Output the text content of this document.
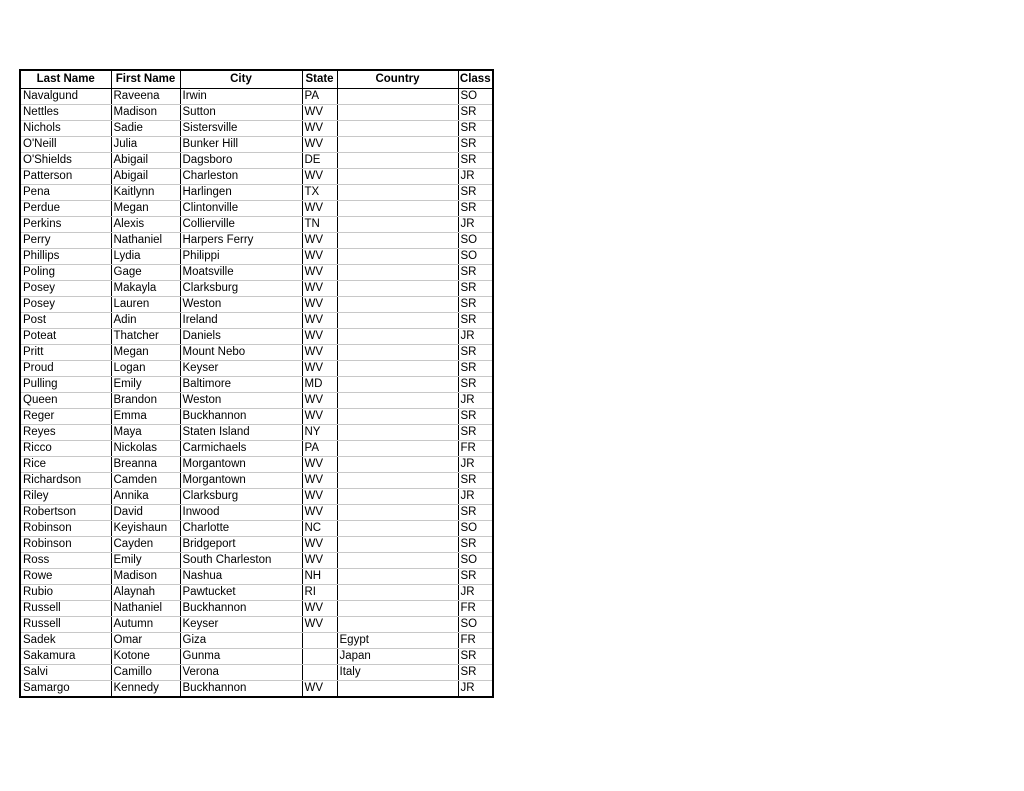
Last Name	First Name	City	State	Country	Class
Navalgund	Raveena	Irwin	PA		SO
Nettles	Madison	Sutton	WV		SR
Nichols	Sadie	Sistersville	WV		SR
O'Neill	Julia	Bunker Hill	WV		SR
O'Shields	Abigail	Dagsboro	DE		SR
Patterson	Abigail	Charleston	WV		JR
Pena	Kaitlynn	Harlingen	TX		SR
Perdue	Megan	Clintonville	WV		SR
Perkins	Alexis	Collierville	TN		JR
Perry	Nathaniel	Harpers Ferry	WV		SO
Phillips	Lydia	Philippi	WV		SO
Poling	Gage	Moatsville	WV		SR
Posey	Makayla	Clarksburg	WV		SR
Posey	Lauren	Weston	WV		SR
Post	Adin	Ireland	WV		SR
Poteat	Thatcher	Daniels	WV		JR
Pritt	Megan	Mount Nebo	WV		SR
Proud	Logan	Keyser	WV		SR
Pulling	Emily	Baltimore	MD		SR
Queen	Brandon	Weston	WV		JR
Reger	Emma	Buckhannon	WV		SR
Reyes	Maya	Staten Island	NY		SR
Ricco	Nickolas	Carmichaels	PA		FR
Rice	Breanna	Morgantown	WV		JR
Richardson	Camden	Morgantown	WV		SR
Riley	Annika	Clarksburg	WV		JR
Robertson	David	Inwood	WV		SR
Robinson	Keyishaun	Charlotte	NC		SO
Robinson	Cayden	Bridgeport	WV		SR
Ross	Emily	South Charleston	WV		SO
Rowe	Madison	Nashua	NH		SR
Rubio	Alaynah	Pawtucket	RI		JR
Russell	Nathaniel	Buckhannon	WV		FR
Russell	Autumn	Keyser	WV		SO
Sadek	Omar	Giza		Egypt	FR
Sakamura	Kotone	Gunma		Japan	SR
Salvi	Camillo	Verona		Italy	SR
Samargo	Kennedy	Buckhannon	WV		JR
